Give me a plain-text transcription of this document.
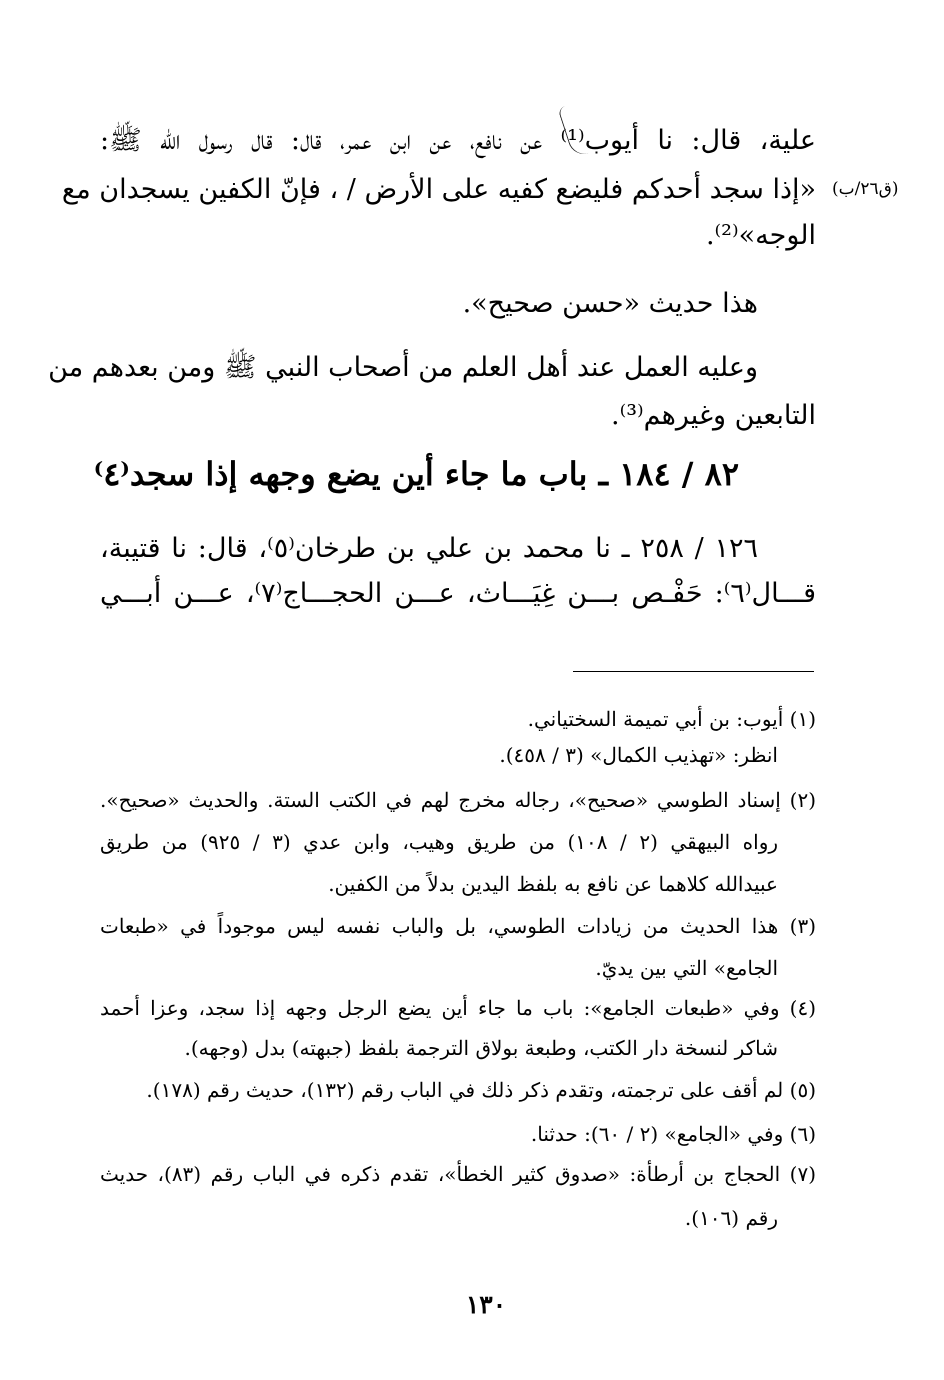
علية، قال: نا أيوب⁽¹⁾ عن نافع، عن ابن عمر، قال: قال رسول الله ﷺ:
«إذا سجد أحدكم فليضع كفيه على الأرض / ، فإنّ الكفين يسجدان مع
الوجه»⁽²⁾.
(ق٢٦/ب)
هذا حديث «حسن صحيح».
وعليه العمل عند أهل العلم من أصحاب النبي ﷺ ومن بعدهم من
التابعين وغيرهم⁽³⁾.
٨٢ / ١٨٤ ـ باب ما جاء أين يضع وجهه إذا سجد⁽٤⁾
١٢٦ / ٢٥٨ ـ نا محمد بن علي بن طرخان⁽٥⁾، قال: نا قتيبة،
قـــال⁽٦⁾: حَفْـص بـــن غِيَـــاث، عـــن الحجـــاج⁽٧⁾، عـــن أبـــي
(١) أيوب: بن أبي تميمة السختياني.
انظر: «تهذيب الكمال» (٣ / ٤٥٨).
(٢) إسناد الطوسي «صحيح»، رجاله مخرج لهم في الكتب الستة. والحديث «صحيح».
رواه البيهقي (٢ / ١٠٨) من طريق وهيب، وابن عدي (٣ / ٩٢٥) من طريق
عبيدالله كلاهما عن نافع به بلفظ اليدين بدلاً من الكفين.
(٣) هذا الحديث من زيادات الطوسي، بل والباب نفسه ليس موجوداً في «طبعات
الجامع» التي بين يديّ.
(٤) وفي «طبعات الجامع»: باب ما جاء أين يضع الرجل وجهه إذا سجد، وعزا أحمد
شاكر لنسخة دار الكتب، وطبعة بولاق الترجمة بلفظ (جبهته) بدل (وجهه).
(٥) لم أقف على ترجمته، وتقدم ذكر ذلك في الباب رقم (١٣٢)، حديث رقم (١٧٨).
(٦) وفي «الجامع» (٢ / ٦٠): حدثنا.
(٧) الحجاج بن أرطأة: «صدوق كثير الخطأ»، تقدم ذكره في الباب رقم (٨٣)، حديث
رقم (١٠٦).
١٣٠
